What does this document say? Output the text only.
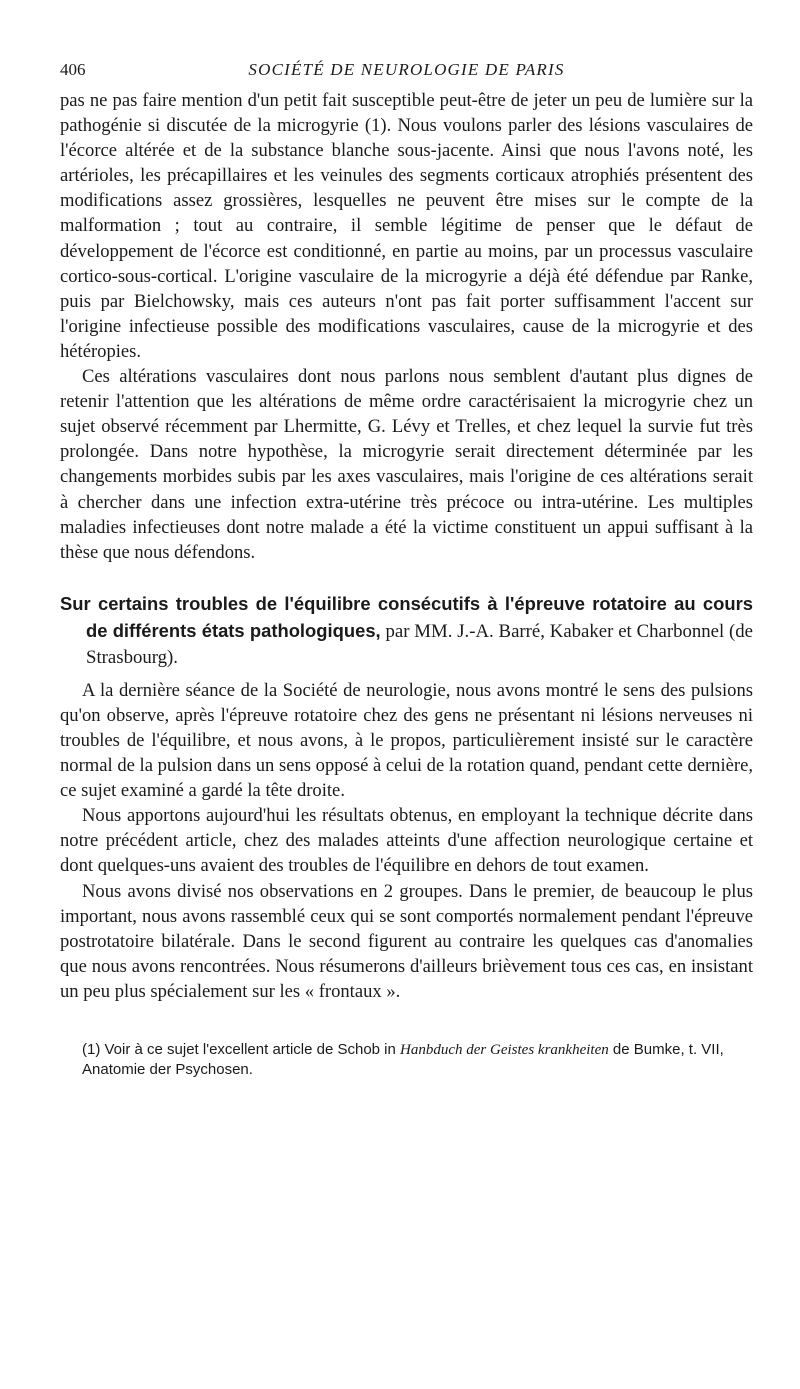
406	SOCIÉTÉ DE NEUROLOGIE DE PARIS

pas ne pas faire mention d'un petit fait susceptible peut-être de jeter un peu de lumière sur la pathogénie si discutée de la microgyrie (1). Nous voulons parler des lésions vasculaires de l'écorce altérée et de la substance blanche sous-jacente. Ainsi que nous l'avons noté, les artérioles, les précapillaires et les veinules des segments corticaux atrophiés présentent des modifications assez grossières, lesquelles ne peuvent être mises sur le compte de la malformation ; tout au contraire, il semble légitime de penser que le défaut de développement de l'écorce est conditionné, en partie au moins, par un processus vasculaire cortico-sous-cortical. L'origine vasculaire de la microgyrie a déjà été défendue par Ranke, puis par Bielchowsky, mais ces auteurs n'ont pas fait porter suffisamment l'accent sur l'origine infectieuse possible des modifications vasculaires, cause de la microgyrie et des hétéropies.

Ces altérations vasculaires dont nous parlons nous semblent d'autant plus dignes de retenir l'attention que les altérations de même ordre caractérisaient la microgyrie chez un sujet observé récemment par Lhermitte, G. Lévy et Trelles, et chez lequel la survie fut très prolongée. Dans notre hypothèse, la microgyrie serait directement déterminée par les changements morbides subis par les axes vasculaires, mais l'origine de ces altérations serait à chercher dans une infection extra-utérine très précoce ou intra-utérine. Les multiples maladies infectieuses dont notre malade a été la victime constituent un appui suffisant à la thèse que nous défendons.

Sur certains troubles de l'équilibre consécutifs à l'épreuve rotatoire au cours de différents états pathologiques, par MM. J.-A. Barré, Kabaker et Charbonnel (de Strasbourg).

A la dernière séance de la Société de neurologie, nous avons montré le sens des pulsions qu'on observe, après l'épreuve rotatoire chez des gens ne présentant ni lésions nerveuses ni troubles de l'équilibre, et nous avons, à le propos, particulièrement insisté sur le caractère normal de la pulsion dans un sens opposé à celui de la rotation quand, pendant cette dernière, ce sujet examiné a gardé la tête droite.

Nous apportons aujourd'hui les résultats obtenus, en employant la technique décrite dans notre précédent article, chez des malades atteints d'une affection neurologique certaine et dont quelques-uns avaient des troubles de l'équilibre en dehors de tout examen.

Nous avons divisé nos observations en 2 groupes. Dans le premier, de beaucoup le plus important, nous avons rassemblé ceux qui se sont comportés normalement pendant l'épreuve postrotatoire bilatérale. Dans le second figurent au contraire les quelques cas d'anomalies que nous avons rencontrées. Nous résumerons d'ailleurs brièvement tous ces cas, en insistant un peu plus spécialement sur les « frontaux ».

(1) Voir à ce sujet l'excellent article de Schob in Hanbduch der Geistes krankheiten de Bumke, t. VII, Anatomie der Psychosen.
